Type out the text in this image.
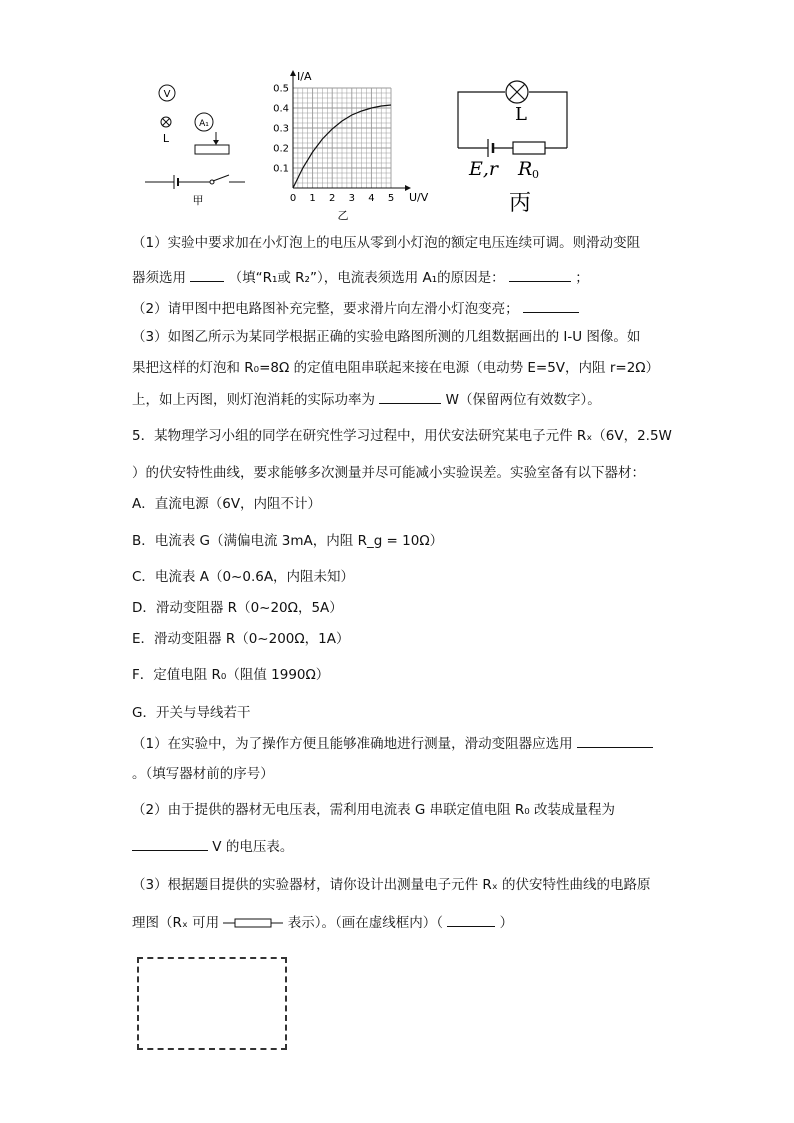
V
L
A₁
甲	0 1 2 3 4 5
0.1
0.2
0.3
0.4
0.5
I/A
U/V
乙
L
E,r R 0
丙
（1）实验中要求加在小灯泡上的电压从零到小灯泡的额定电压连续可调。则滑动变阻
器须选用	（填“R₁或 R₂”），电流表须选用 A₁的原因是：	；
（2）请甲图中把电路图补充完整，要求滑片向左滑小灯泡变亮；
（3）如图乙所示为某同学根据正确的实验电路图所测的几组数据画出的 I-U 图像。如
果把这样的灯泡和 R₀=8Ω 的定值电阻串联起来接在电源（电动势 E=5V，内阻 r=2Ω）
上，如上丙图，则灯泡消耗的实际功率为	W（保留两位有效数字）。
5．某物理学习小组的同学在研究性学习过程中，用伏安法研究某电子元件 Rₓ（6V，2.5W
）的伏安特性曲线，要求能够多次测量并尽可能减小实验误差。实验室备有以下器材：
A．直流电源（6V，内阻不计）
B．电流表 G（满偏电流 3mA，内阻 R_g = 10Ω）
C．电流表 A（0~0.6A，内阻未知）
D．滑动变阻器 R（0~20Ω，5A）
E．滑动变阻器 R（0~200Ω，1A）
F．定值电阻 R₀（阻值 1990Ω）
G．开关与导线若干
（1）在实验中，为了操作方便且能够准确地进行测量，滑动变阻器应选用
。（填写器材前的序号）
（2）由于提供的器材无电压表，需利用电流表 G 串联定值电阻 R₀ 改装成量程为
V 的电压表。
（3）根据题目提供的实验器材，请你设计出测量电子元件 Rₓ 的伏安特性曲线的电路原
理图（Rₓ 可用	表示）。（画在虚线框内）（	）
